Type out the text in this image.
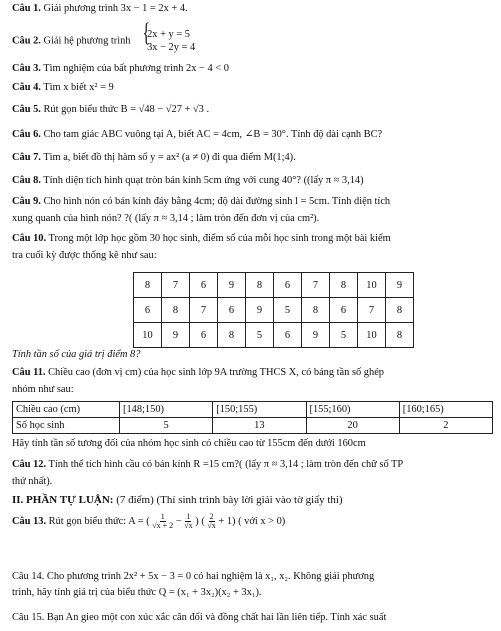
Câu 1. Giải phương trình 3x − 1 = 2x + 4.
Câu 2. Giải hệ phương trình
{ 2x + y = 5
3x − 2y = 4
Câu 3. Tìm nghiệm của bất phương trình 2x − 4 < 0
Câu 4. Tìm x biết x² = 9
Câu 5. Rút gọn biểu thức B = √48 − √27 + √3 .
Câu 6. Cho tam giác ABC vuông tại A, biết AC = 4cm, ∠B = 30°. Tính độ dài cạnh BC?
Câu 7. Tìm a, biết đồ thị hàm số y = ax² (a ≠ 0) đi qua điểm M(1;4).
Câu 8. Tính diện tích hình quạt tròn bán kính 5cm ứng với cung 40°? ((lấy π ≈ 3,14)
Câu 9. Cho hình nón có bán kính đáy bằng 4cm; độ dài đường sinh l = 5cm. Tính diện tích
xung quanh của hình nón? ?( (lấy π ≈ 3,14 ; làm tròn đến đơn vị của cm²).
Câu 10. Trong một lớp học gồm 30 học sinh, điểm số của mỗi học sinh trong một bài kiểm
tra cuối kỳ được thống kê như sau:
8	7	6	9	8	6	7	8	10	9
6	8	7	6	9	5	8	6	7	8
10	9	6	8	5	6	9	5	10	8
Tính tần số của giá trị điểm 8?
Câu 11. Chiều cao (đơn vị cm) của học sinh lớp 9A trường THCS X, có bảng tần số ghép
nhóm như sau:
Chiều cao (cm)	[148;150)	[150;155)	[155;160)	[160;165)
Số học sinh	5	13	20	2
Hãy tính tần số tương đối của nhóm học sinh có chiều cao từ 155cm đến dưới 160cm
Câu 12. Tính thể tích hình cầu có bán kính R =15 cm?( (lấy π ≈ 3,14 ; làm tròn đến chữ số TP
thứ nhất).
II. PHẦN TỰ LUẬN: (7 điểm) (Thí sinh trình bày lời giải vào tờ giấy thi)
Câu 13. Rút gọn biểu thức: A = ( $\frac{1}{√x + 2} - \frac{1}{√x}$ ) ( $\frac{2}{√x} + 1$) ( với x > 0)
Câu 14. Cho phương trình 2x² + 5x − 3 = 0 có hai nghiệm là x₁, x₂. Không giải phương
trình, hãy tính giá trị của biểu thức Q = (x₁ + 3x₂)(x₂ + 3x₁).
Câu 15. Bạn An gieo một con xúc xắc cân đối và đồng chất hai lần liên tiếp. Tính xác suất
